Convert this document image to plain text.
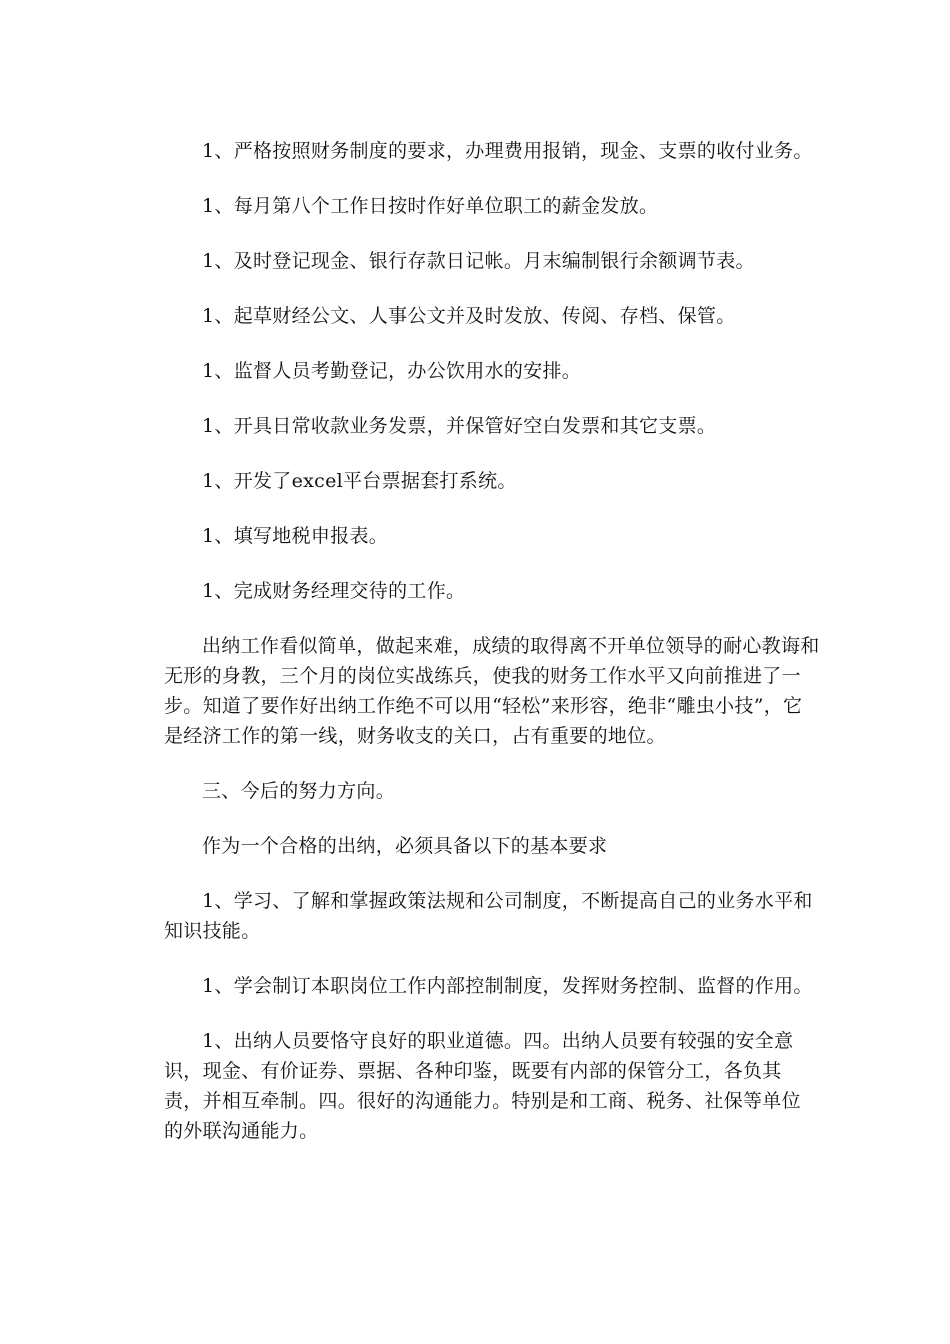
1、严格按照财务制度的要求，办理费用报销，现金、支票的收付业务。

1、每月第八个工作日按时作好单位职工的薪金发放。

1、及时登记现金、银行存款日记帐。月末编制银行余额调节表。

1、起草财经公文、人事公文并及时发放、传阅、存档、保管。

1、监督人员考勤登记，办公饮用水的安排。

1、开具日常收款业务发票，并保管好空白发票和其它支票。

1、开发了excel平台票据套打系统。

1、填写地税申报表。

1、完成财务经理交待的工作。

出纳工作看似简单，做起来难，成绩的取得离不开单位领导的耐心教诲和无形的身教，三个月的岗位实战练兵，使我的财务工作水平又向前推进了一步。知道了要作好出纳工作绝不可以用“轻松”来形容，绝非“雕虫小技”，它是经济工作的第一线，财务收支的关口，占有重要的地位。

三、今后的努力方向。

作为一个合格的出纳，必须具备以下的基本要求

1、学习、了解和掌握政策法规和公司制度，不断提高自己的业务水平和知识技能。

1、学会制订本职岗位工作内部控制制度，发挥财务控制、监督的作用。

1、出纳人员要恪守良好的职业道德。四。出纳人员要有较强的安全意识，现金、有价证券、票据、各种印鉴，既要有内部的保管分工，各负其责，并相互牵制。四。很好的沟通能力。特别是和工商、税务、社保等单位的外联沟通能力。
